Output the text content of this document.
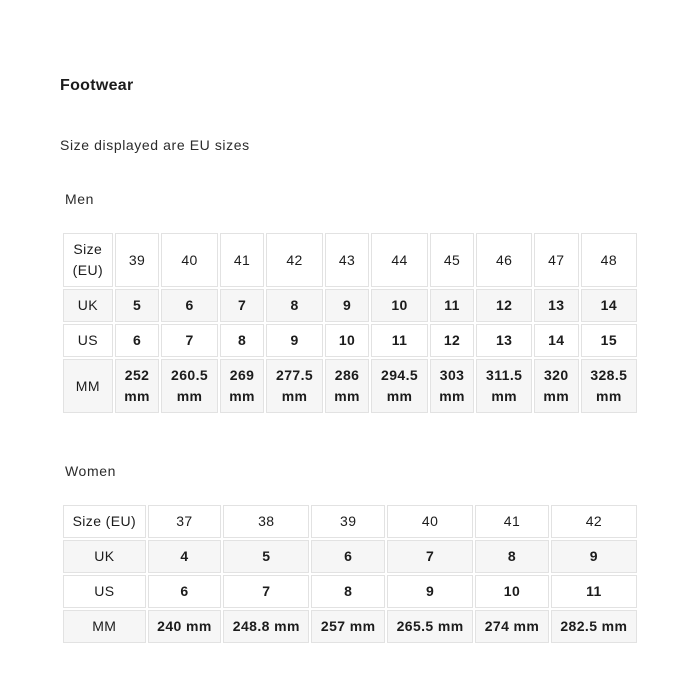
Footwear
Size displayed are EU sizes
Men
Size (EU)	39	40	41	42	43	44	45	46	47	48
UK	5	6	7	8	9	10	11	12	13	14
US	6	7	8	9	10	11	12	13	14	15
MM	252 mm	260.5 mm	269 mm	277.5 mm	286 mm	294.5 mm	303 mm	311.5 mm	320 mm	328.5 mm
Women
Size (EU)	37	38	39	40	41	42
UK	4	5	6	7	8	9
US	6	7	8	9	10	11
MM	240 mm	248.8 mm	257 mm	265.5 mm	274 mm	282.5 mm
